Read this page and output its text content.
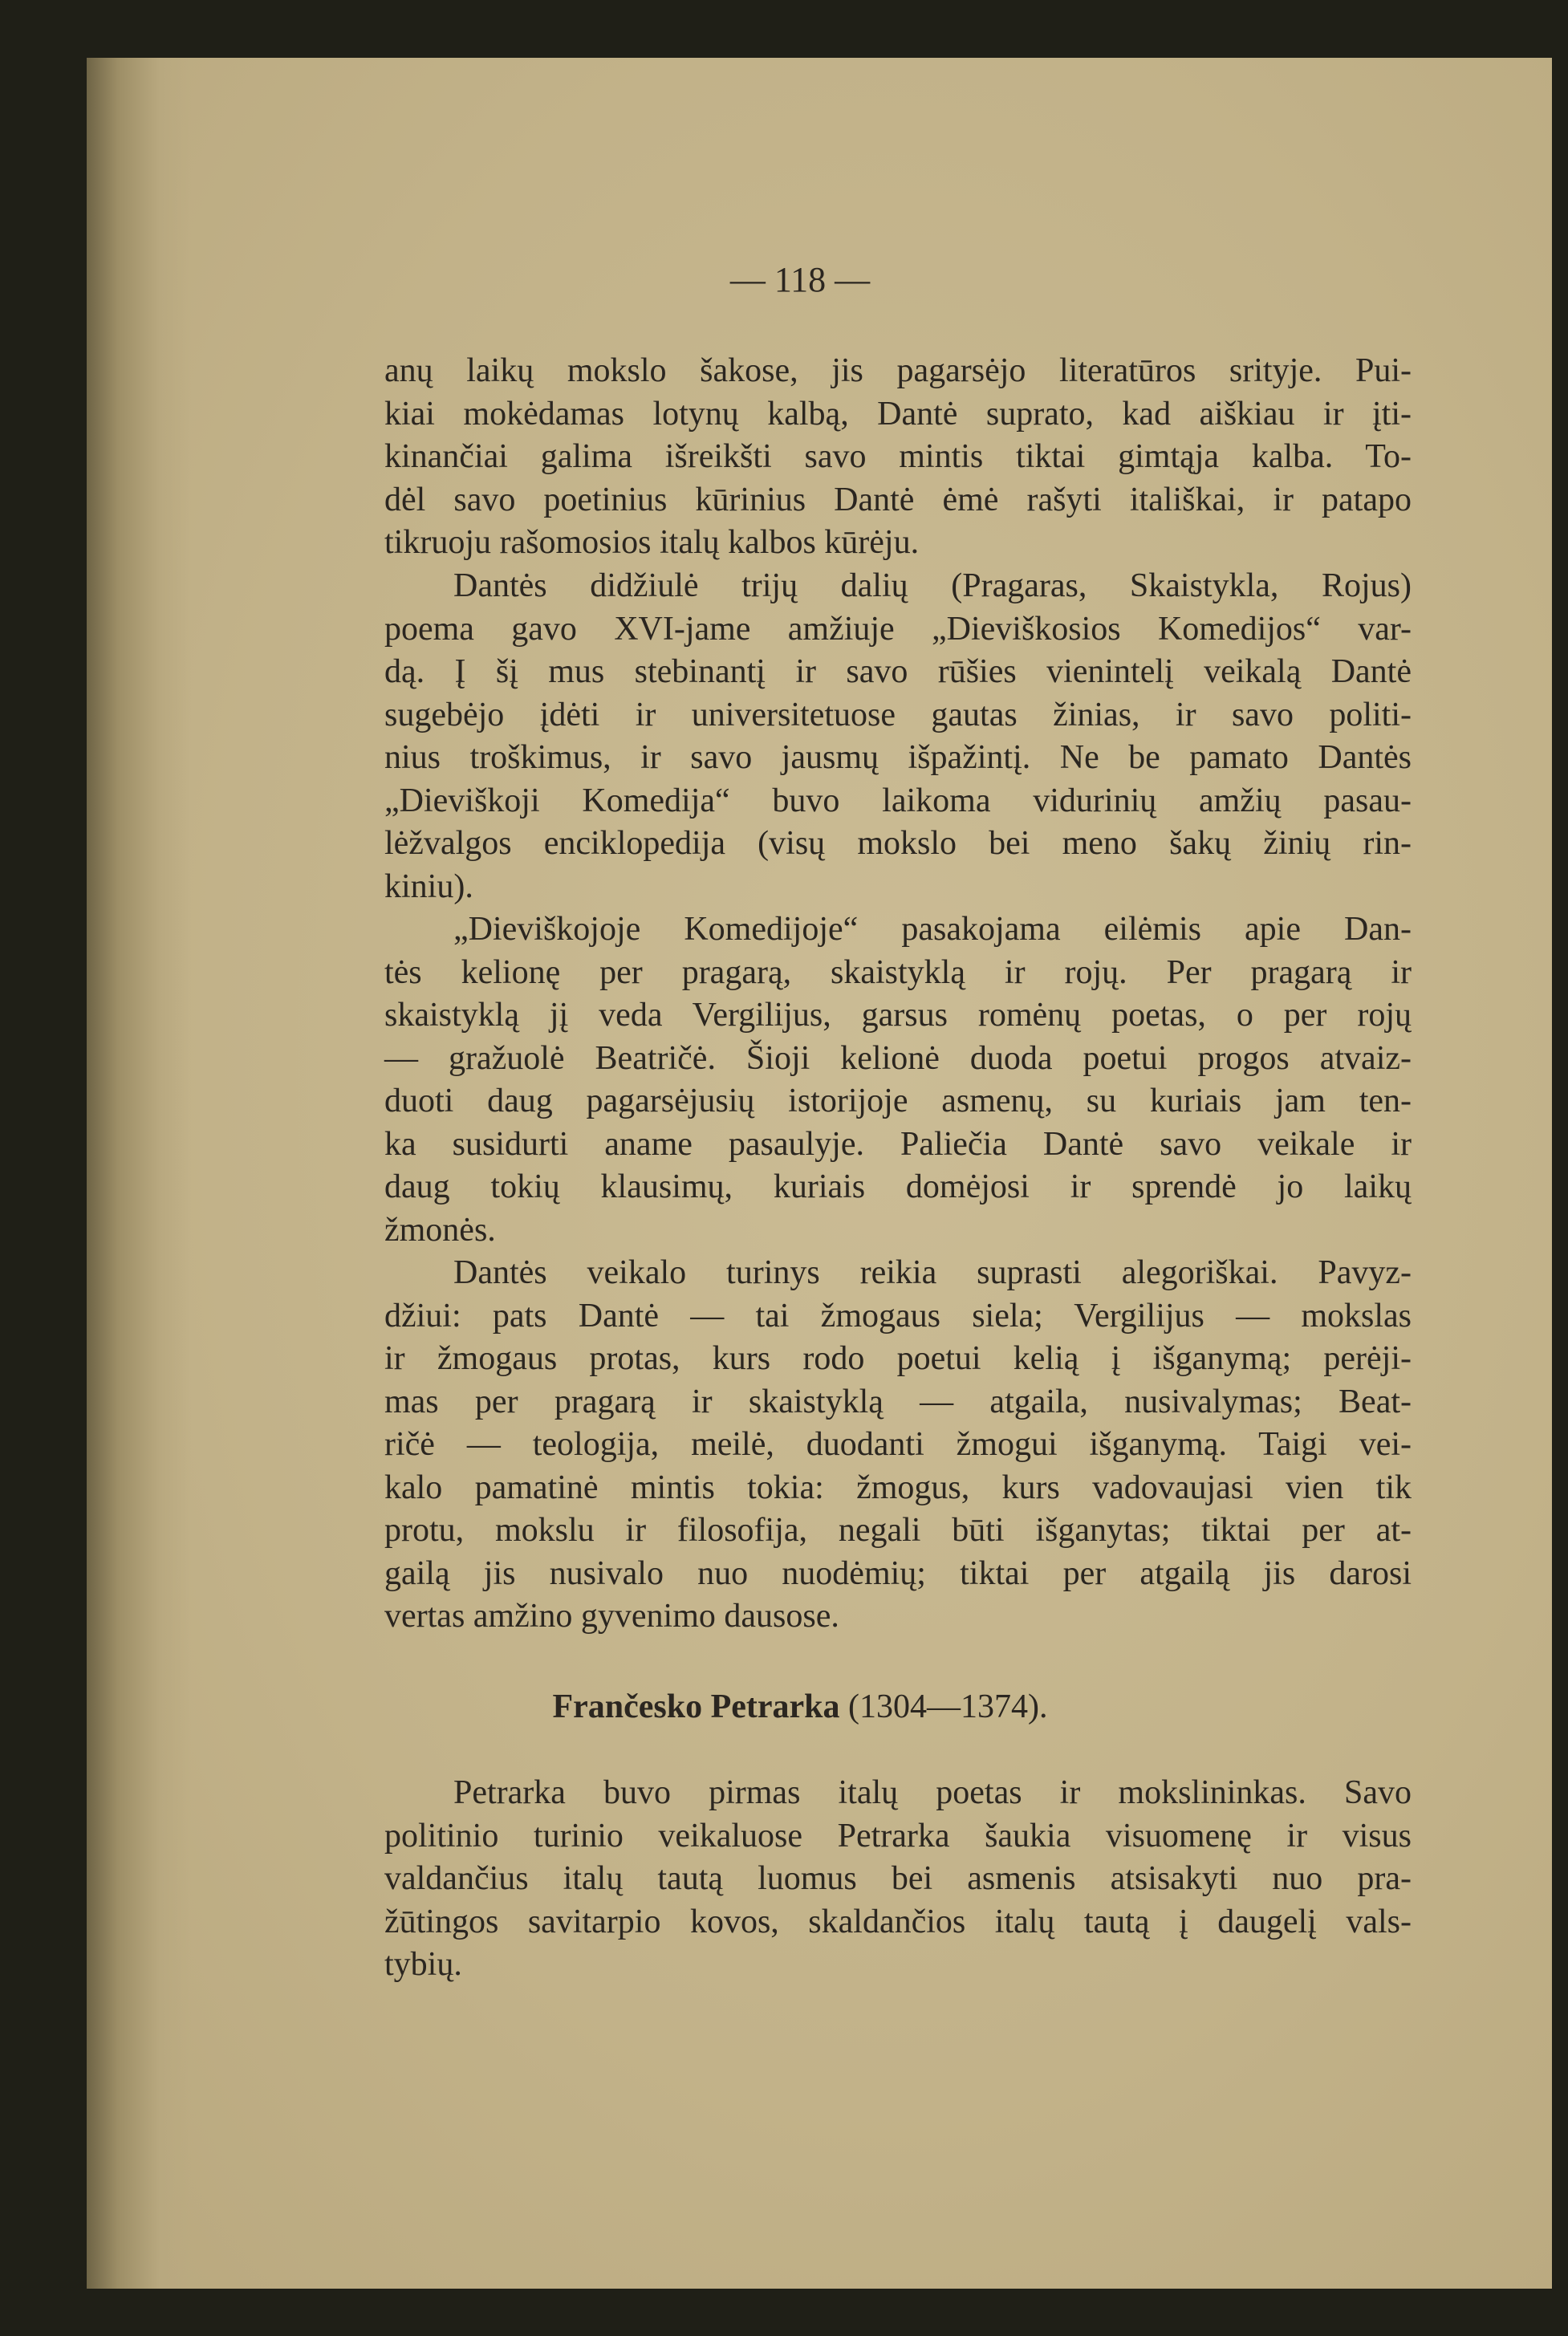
— 118 —
anų laikų mokslo šakose, jis pagarsėjo literatūros srityje. Pui-
kiai mokėdamas lotynų kalbą, Dantė suprato, kad aiškiau ir įti-
kinančiai galima išreikšti savo mintis tiktai gimtąja kalba. To-
dėl savo poetinius kūrinius Dantė ėmė rašyti itališkai, ir patapo
tikruoju rašomosios italų kalbos kūrėju.
Dantės didžiulė trijų dalių (Pragaras, Skaistykla, Rojus)
poema gavo XVI-jame amžiuje „Dieviškosios Komedijos“ var-
dą. Į šį mus stebinantį ir savo rūšies vienintelį veikalą Dantė
sugebėjo įdėti ir universitetuose gautas žinias, ir savo politi-
nius troškimus, ir savo jausmų išpažintį. Ne be pamato Dantės
„Dieviškoji Komedija“ buvo laikoma vidurinių amžių pasau-
lėžvalgos enciklopedija (visų mokslo bei meno šakų žinių rin-
kiniu).
„Dieviškojoje Komedijoje“ pasakojama eilėmis apie Dan-
tės kelionę per pragarą, skaistyklą ir rojų. Per pragarą ir
skaistyklą jį veda Vergilijus, garsus romėnų poetas, o per rojų
— gražuolė Beatričė. Šioji kelionė duoda poetui progos atvaiz-
duoti daug pagarsėjusių istorijoje asmenų, su kuriais jam ten-
ka susidurti aname pasaulyje. Paliečia Dantė savo veikale ir
daug tokių klausimų, kuriais domėjosi ir sprendė jo laikų
žmonės.
Dantės veikalo turinys reikia suprasti alegoriškai. Pavyz-
džiui: pats Dantė — tai žmogaus siela; Vergilijus — mokslas
ir žmogaus protas, kurs rodo poetui kelią į išganymą; perėji-
mas per pragarą ir skaistyklą — atgaila, nusivalymas; Beat-
ričė — teologija, meilė, duodanti žmogui išganymą. Taigi vei-
kalo pamatinė mintis tokia: žmogus, kurs vadovaujasi vien tik
protu, mokslu ir filosofija, negali būti išganytas; tiktai per at-
gailą jis nusivalo nuo nuodėmių; tiktai per atgailą jis darosi
vertas amžino gyvenimo dausose.
Petrarka buvo pirmas italų poetas ir mokslininkas. Savo
politinio turinio veikaluose Petrarka šaukia visuomenę ir visus
valdančius italų tautą luomus bei asmenis atsisakyti nuo pra-
žūtingos savitarpio kovos, skaldančios italų tautą į daugelį vals-
tybių.
Frančesko Petrarka (1304—1374).
